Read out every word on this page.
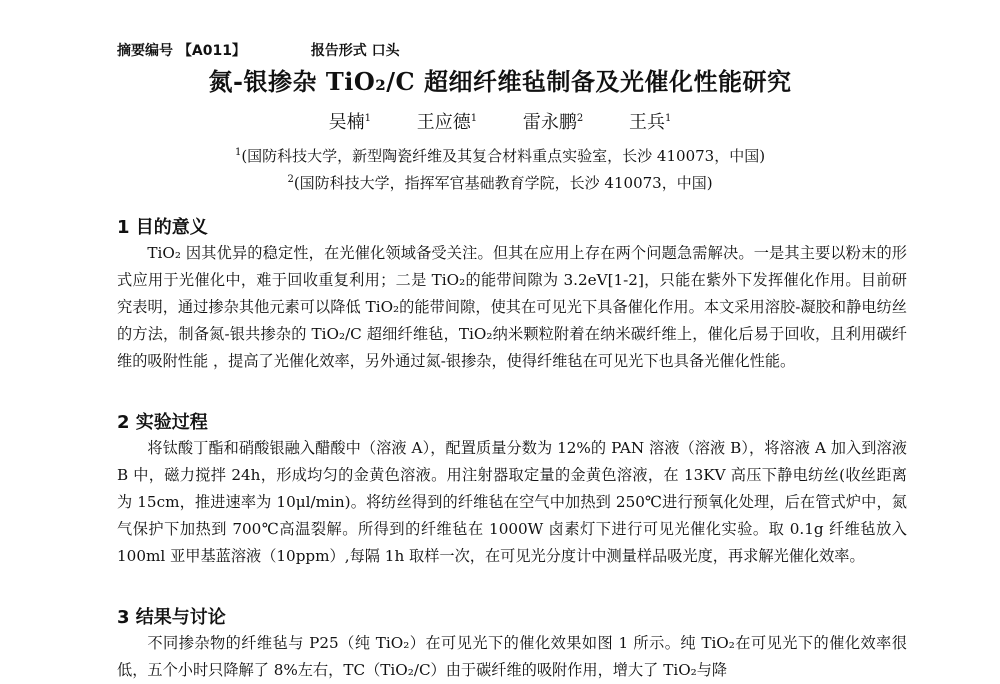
摘要编号 【A011】	报告形式 口头
氮-银掺杂 TiO₂/C 超细纤维毡制备及光催化性能研究
吴楠$^1$	王应德$^1$	雷永鹏$^2$	王兵$^1$
$^1$(国防科技大学，新型陶瓷纤维及其复合材料重点实验室，长沙 410073，中国)
$^2$(国防科技大学，指挥军官基础教育学院，长沙 410073，中国)
1 目的意义
TiO₂ 因其优异的稳定性，在光催化领域备受关注。但其在应用上存在两个问题急需解决。一是其主要以粉末的形式应用于光催化中，难于回收重复利用；二是 TiO₂的能带间隙为 3.2eV[1-2]，只能在紫外下发挥催化作用。目前研究表明，通过掺杂其他元素可以降低 TiO₂的能带间隙，使其在可见光下具备催化作用。本文采用溶胶-凝胶和静电纺丝的方法，制备氮-银共掺杂的 TiO₂/C 超细纤维毡，TiO₂纳米颗粒附着在纳米碳纤维上，催化后易于回收，且利用碳纤维的吸附性能 ，提高了光催化效率，另外通过氮-银掺杂，使得纤维毡在可见光下也具备光催化性能。
2 实验过程
将钛酸丁酯和硝酸银融入醋酸中（溶液 A），配置质量分数为 12%的 PAN 溶液（溶液 B），将溶液 A 加入到溶液 B 中，磁力搅拌 24h，形成均匀的金黄色溶液。用注射器取定量的金黄色溶液，在 13KV 高压下静电纺丝(收丝距离为 15cm，推进速率为 10μl/min)。将纺丝得到的纤维毡在空气中加热到 250℃进行预氧化处理，后在管式炉中，氮气保护下加热到 700℃高温裂解。所得到的纤维毡在 1000W 卤素灯下进行可见光催化实验。取 0.1g 纤维毡放入 100ml 亚甲基蓝溶液（10ppm）,每隔 1h 取样一次，在可见光分度计中测量样品吸光度，再求解光催化效率。
3 结果与讨论
不同掺杂物的纤维毡与 P25（纯 TiO₂）在可见光下的催化效果如图 1 所示。纯 TiO₂在可见光下的催化效率很低，五个小时只降解了 8%左右，TC（TiO₂/C）由于碳纤维的吸附作用，增大了 TiO₂与降
